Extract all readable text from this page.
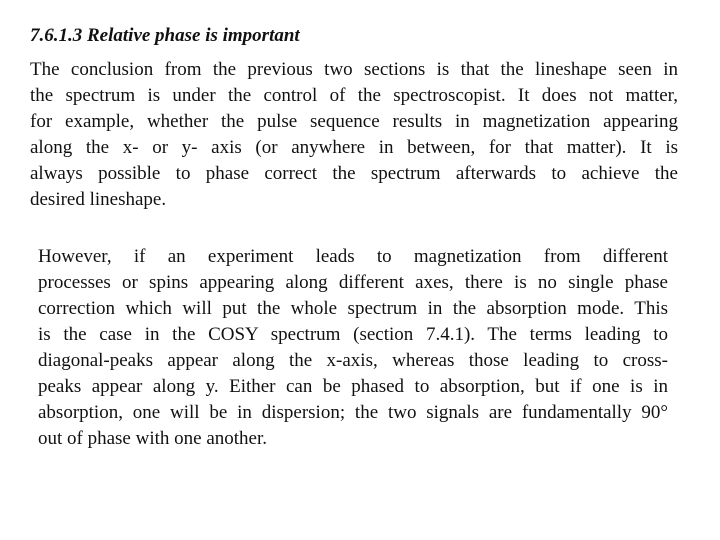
7.6.1.3 Relative phase is important
The conclusion from the previous two sections is that the lineshape seen in
the spectrum is under the control of the spectroscopist. It does not matter,
for example, whether the pulse sequence results in magnetization appearing
along the x- or y- axis (or anywhere in between, for that matter). It is
always possible to phase correct the spectrum afterwards to achieve the
desired lineshape.
However, if an experiment leads to magnetization from different
processes or spins appearing along different axes, there is no single phase
correction which will put the whole spectrum in the absorption mode. This
is the case in the COSY spectrum (section 7.4.1). The terms leading to
diagonal-peaks appear along the x-axis, whereas those leading to cross-
peaks appear along y. Either can be phased to absorption, but if one is in
absorption, one will be in dispersion; the two signals are fundamentally 90°
out of phase with one another.
